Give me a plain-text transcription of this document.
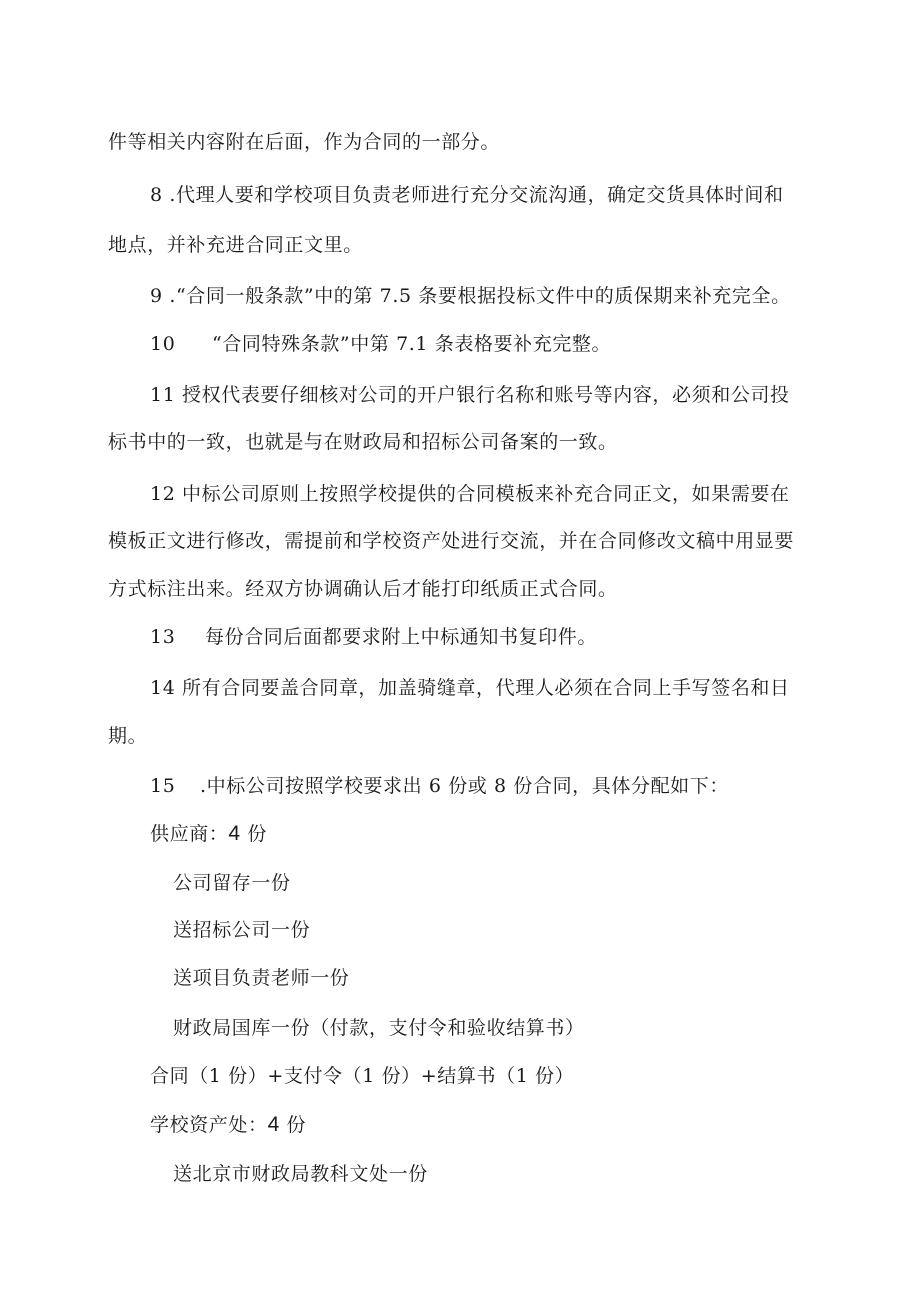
件等相关内容附在后面，作为合同的一部分。
8 .代理人要和学校项目负责老师进行充分交流沟通，确定交货具体时间和
地点，并补充进合同正文里。
9 .“合同一般条款”中的第 7.5 条要根据投标文件中的质保期来补充完全。
10 “合同特殊条款”中第 7.1 条表格要补充完整。
11 授权代表要仔细核对公司的开户银行名称和账号等内容，必须和公司投
标书中的一致，也就是与在财政局和招标公司备案的一致。
12 中标公司原则上按照学校提供的合同模板来补充合同正文，如果需要在
模板正文进行修改，需提前和学校资产处进行交流，并在合同修改文稿中用显要
方式标注出来。经双方协调确认后才能打印纸质正式合同。
13 每份合同后面都要求附上中标通知书复印件。
14 所有合同要盖合同章，加盖骑缝章，代理人必须在合同上手写签名和日
期。
15 .中标公司按照学校要求出 6 份或 8 份合同，具体分配如下：
供应商：4 份
公司留存一份
送招标公司一份
送项目负责老师一份
财政局国库一份（付款，支付令和验收结算书）
合同（1 份）+支付令（1 份）+结算书（1 份）
学校资产处：4 份
送北京市财政局教科文处一份
